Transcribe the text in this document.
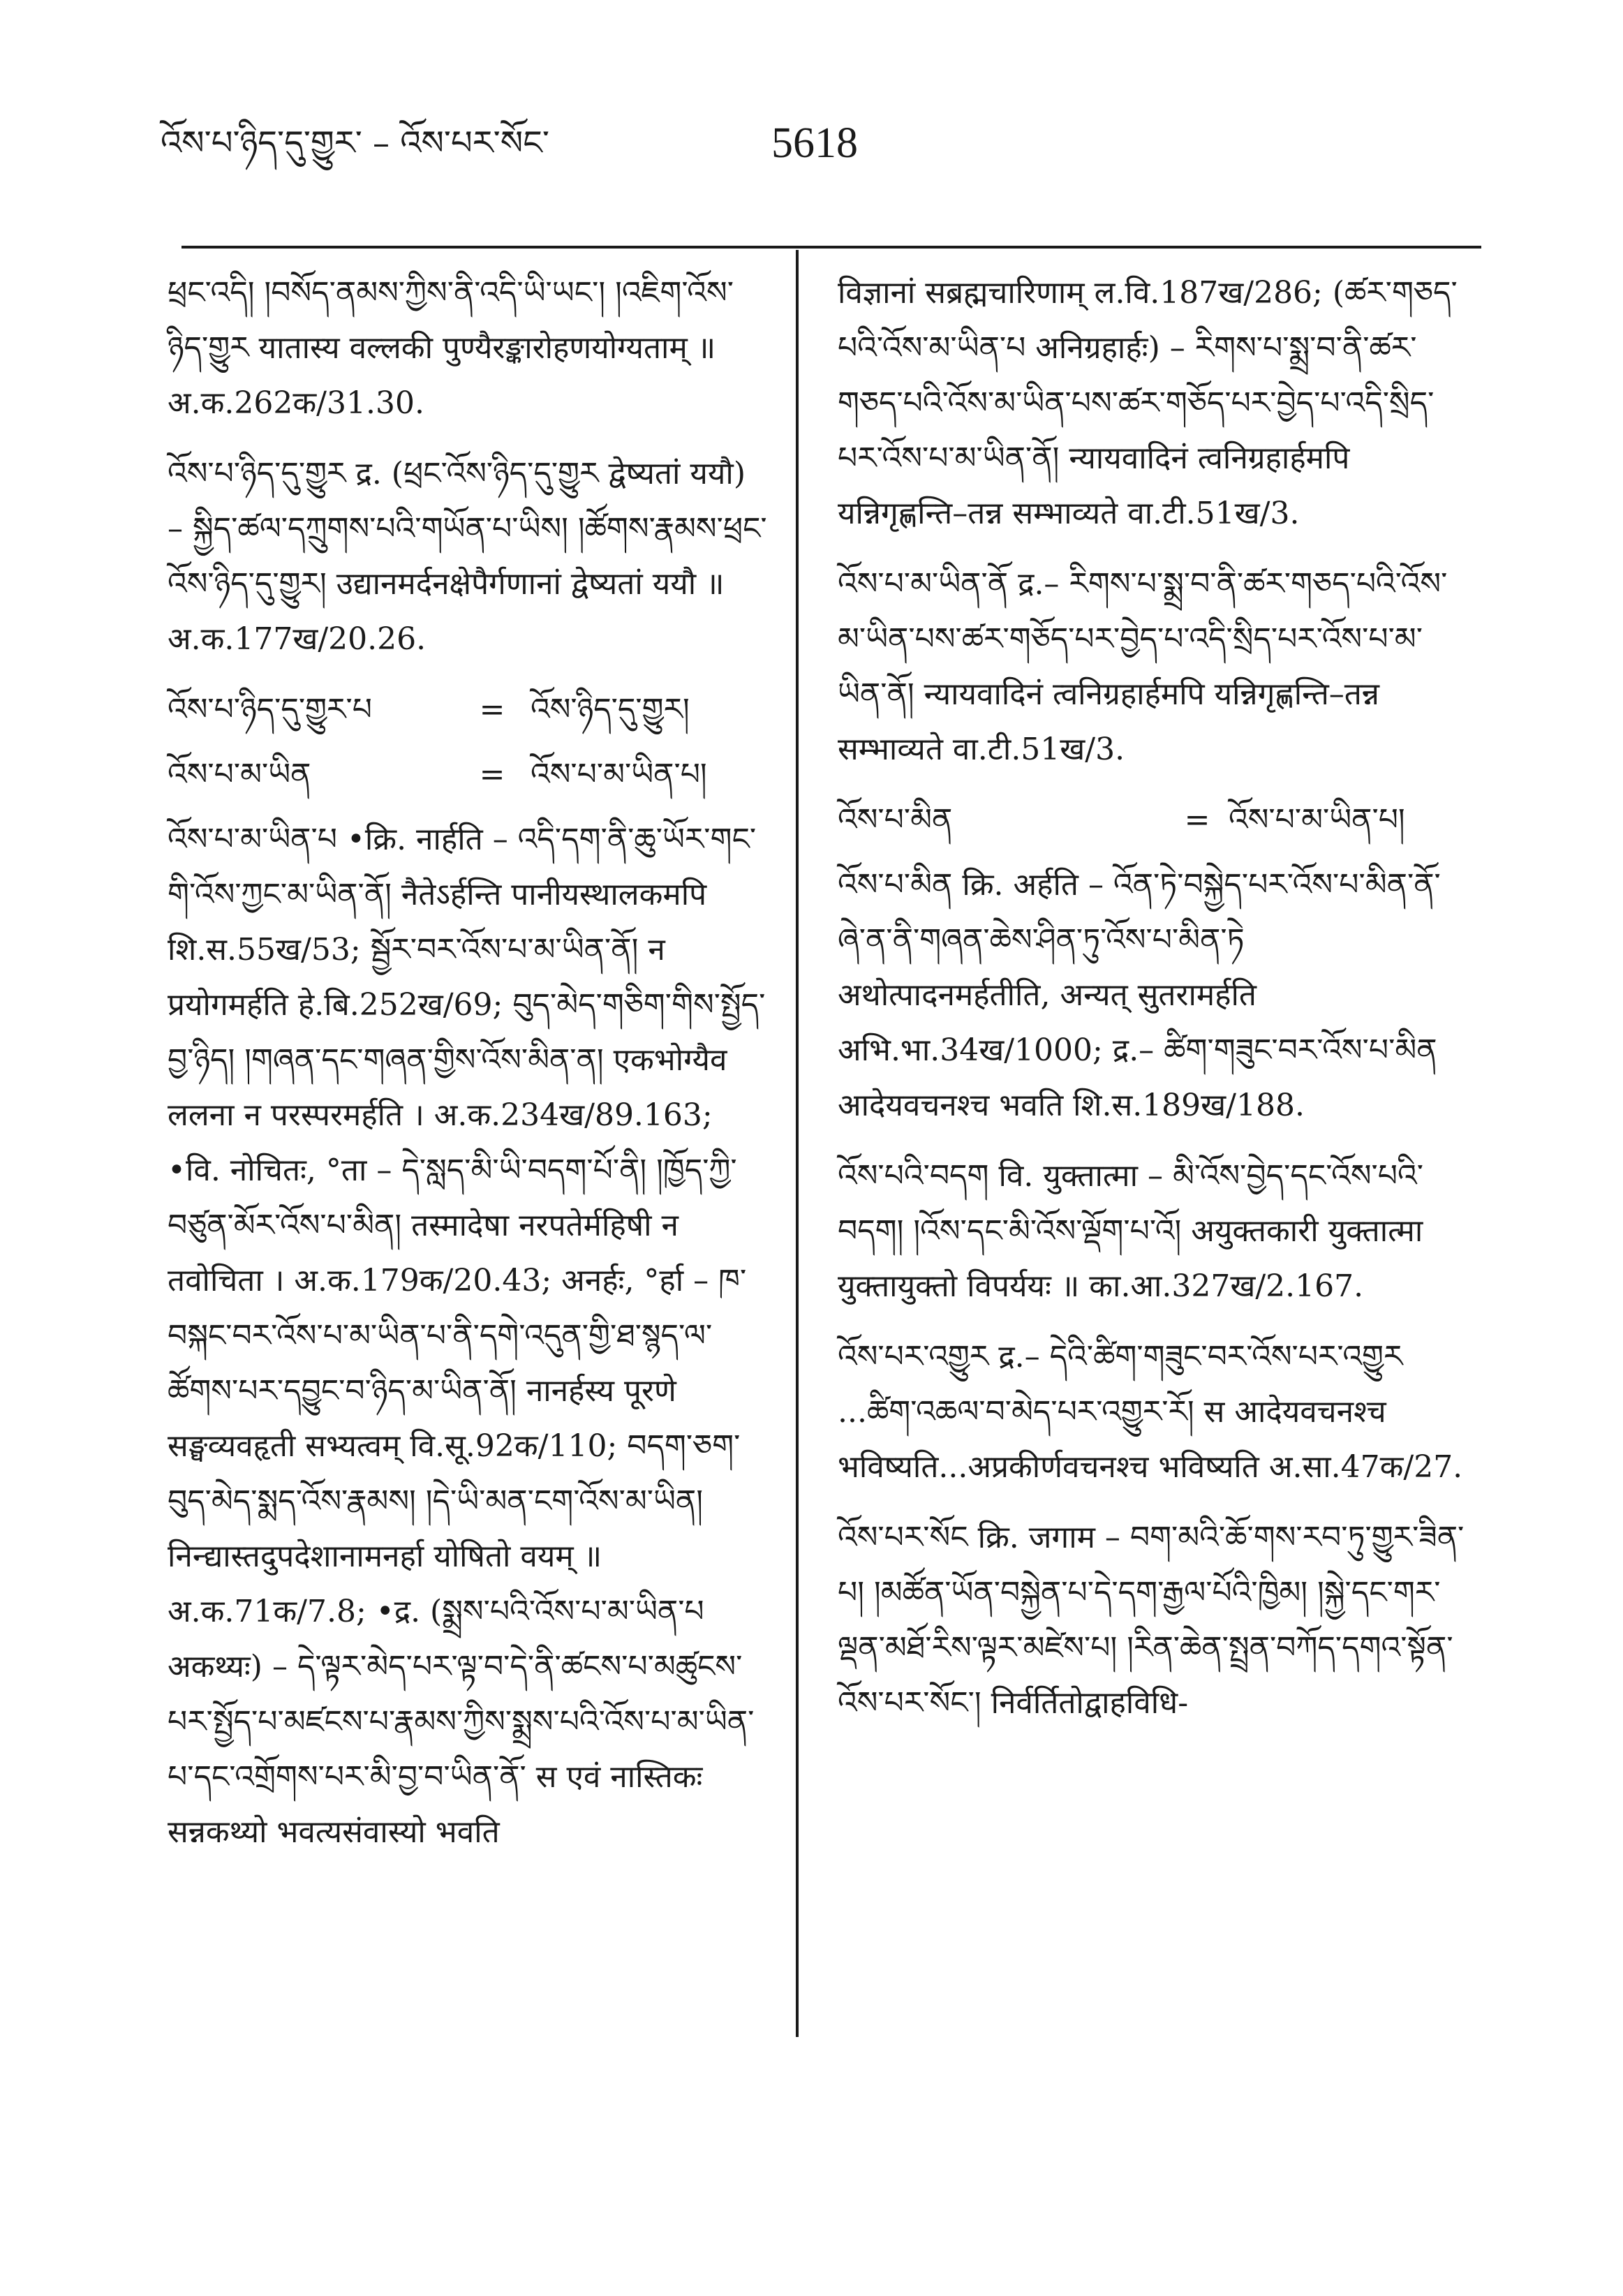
འོས་པ་ཉིད་དུ་གྱུར་ – འོས་པར་སོང་	5618

ཕྲང་འདི། །བསོད་ནམས་ཀྱིས་ནི་འདི་ཡི་ཡང་། །འཇིག་འོས་ཉིད་གྱུར यातास्य वल्लकी पुण्यैरङ्कारोहणयोग्यताम् ॥ अ.क.262क/31.30.

འོས་པ་ཉིད་དུ་གྱུར द्र. (ཕྲང་འོས་ཉིད་དུ་གྱུར द्वेष्यतां ययौ) – སྐྱིད་ཚལ་དཀྲུགས་པའི་གཡོན་པ་ཡིས། །ཚོགས་རྣམས་ཕྲང་འོས་ཉིད་དུ་གྱུར། उद्यानमर्दनक्षेपैर्गणानां द्वेष्यतां ययौ ॥ अ.क.177ख/20.26.

འོས་པ་ཉིད་དུ་གྱུར་པ	= འོས་ཉིད་དུ་གྱུར།
འོས་པ་མ་ཡིན	= འོས་པ་མ་ཡིན་པ།

འོས་པ་མ་ཡིན་པ •क्रि. नार्हति – འདི་དག་ནི་ཆུ་ཡོར་གང་གི་འོས་ཀྱང་མ་ཡིན་ནོ། नैतेऽर्हन्ति पानीयस्थालकमपि शि.स.55ख/53; སྦྱོར་བར་འོས་པ་མ་ཡིན་ནོ། न प्रयोगमर्हति हे.बि.252ख/69; བུད་མེད་གཅིག་གིས་སྤྱོད་བྱ་ཉིད། །གཞན་དང་གཞན་གྱིས་འོས་མིན་ན། एकभोग्यैव ललना न परस्परमर्हति । अ.क.234ख/89.163; •वि. नोचितः, °ता – དེ་སླད་མི་ཡི་བདག་པོ་ནི། །ཁྱོད་ཀྱི་བཙུན་མོར་འོས་པ་མིན། तस्मादेषा नरपतेर्महिषी न तवोचिता । अ.क.179क/20.43; अनर्हः, °र्हा – ཁ་བསྐང་བར་འོས་པ་མ་ཡིན་པ་ནི་དགེ་འདུན་གྱི་ཐ་སྙད་ལ་ཚོགས་པར་དབྱུང་བ་ཉིད་མ་ཡིན་ནོ། नानर्हस्य पूरणे सङ्घव्यवहृती सभ्यत्वम् वि.सू.92क/110; བདག་ཅག་བུད་མེད་སྨད་འོས་རྣམས། །དེ་ཡི་མན་ངག་འོས་མ་ཡིན། निन्द्यास्तदुपदेशानामनर्हा योषितो वयम् ॥ अ.क.71क/7.8; •द्र. (སྨྲས་པའི་འོས་པ་མ་ཡིན་པ अकथ्यः) – དེ་ལྟར་མེད་པར་ལྟ་བ་དེ་ནི་ཚངས་པ་མཚུངས་པར་སྤྱོད་པ་མཛངས་པ་རྣམས་ཀྱིས་སྨྲས་པའི་འོས་པ་མ་ཡིན་པ་དང་འགྲོགས་པར་མི་བྱ་བ་ཡིན་ནོ་ स एवं नास्तिकः सन्नकथ्यो भवत्यसंवास्यो भवति

विज्ञानां सब्रह्मचारिणाम् ल.वि.187ख/286; (ཚར་གཅད་པའི་འོས་མ་ཡིན་པ अनिग्रहार्हः) – རིགས་པ་སྨྲ་བ་ནི་ཚར་གཅད་པའི་འོས་མ་ཡིན་པས་ཚར་གཅོད་པར་བྱེད་པ་འདི་སྲིད་པར་འོས་པ་མ་ཡིན་ནོ། न्यायवादिनं त्वनिग्रहार्हमपि यन्निगृह्णन्ति–तन्न सम्भाव्यते वा.टी.51ख/3.

འོས་པ་མ་ཡིན་ནོ द्र.– རིགས་པ་སྨྲ་བ་ནི་ཚར་གཅད་པའི་འོས་མ་ཡིན་པས་ཚར་གཅོད་པར་བྱེད་པ་འདི་སྲིད་པར་འོས་པ་མ་ཡིན་ནོ། न्यायवादिनं त्वनिग्रहार्हमपि यन्निगृह्णन्ति–तन्न सम्भाव्यते वा.टी.51ख/3.

འོས་པ་མིན	= འོས་པ་མ་ཡིན་པ།

འོས་པ་མིན क्रि. अर्हति – འོན་ཏེ་བསྐྱེད་པར་འོས་པ་མིན་ནོ་ཞེ་ན་ནི་གཞན་ཆེས་ཤིན་ཏུ་འོས་པ་མིན་ཏེ अथोत्पादनमर्हतीति, अन्यत् सुतरामर्हति अभि.भा.34ख/1000; द्र.– ཚིག་གཟུང་བར་འོས་པ་མིན आदेयवचनश्च भवति शि.स.189ख/188.

འོས་པའི་བདག वि. युक्तात्मा – མི་འོས་བྱེད་དང་འོས་པའི་བདག། །འོས་དང་མི་འོས་ལྡོག་པ་འོ། अयुक्तकारी युक्तात्मा युक्तायुक्तो विपर्ययः ॥ का.आ.327ख/2.167.

འོས་པར་འགྱུར द्र.– དེའི་ཚིག་གཟུང་བར་འོས་པར་འགྱུར ...ཚིག་འཆལ་བ་མེད་པར་འགྱུར་རོ། स आदेयवचनश्च भविष्यति...अप्रकीर्णवचनश्च भविष्यति अ.सा.47क/27.

འོས་པར་སོང क्रि. जगाम – བག་མའི་ཆོ་གས་རབ་ཏུ་གྱུར་ཟིན་པ། །མཚོན་ཡོན་བསྐྱེན་པ་དེ་དག་རྒྱལ་པོའི་ཁྱིམ། །སྐྱེ་དང་གར་ལྡན་མཐོ་རིས་ལྟར་མཛེས་པ། །རིན་ཆེན་སྤྲན་བཀོད་དགའ་སྟོན་འོས་པར་སོང་། निर्वर्तितोद्वाहविधि-
